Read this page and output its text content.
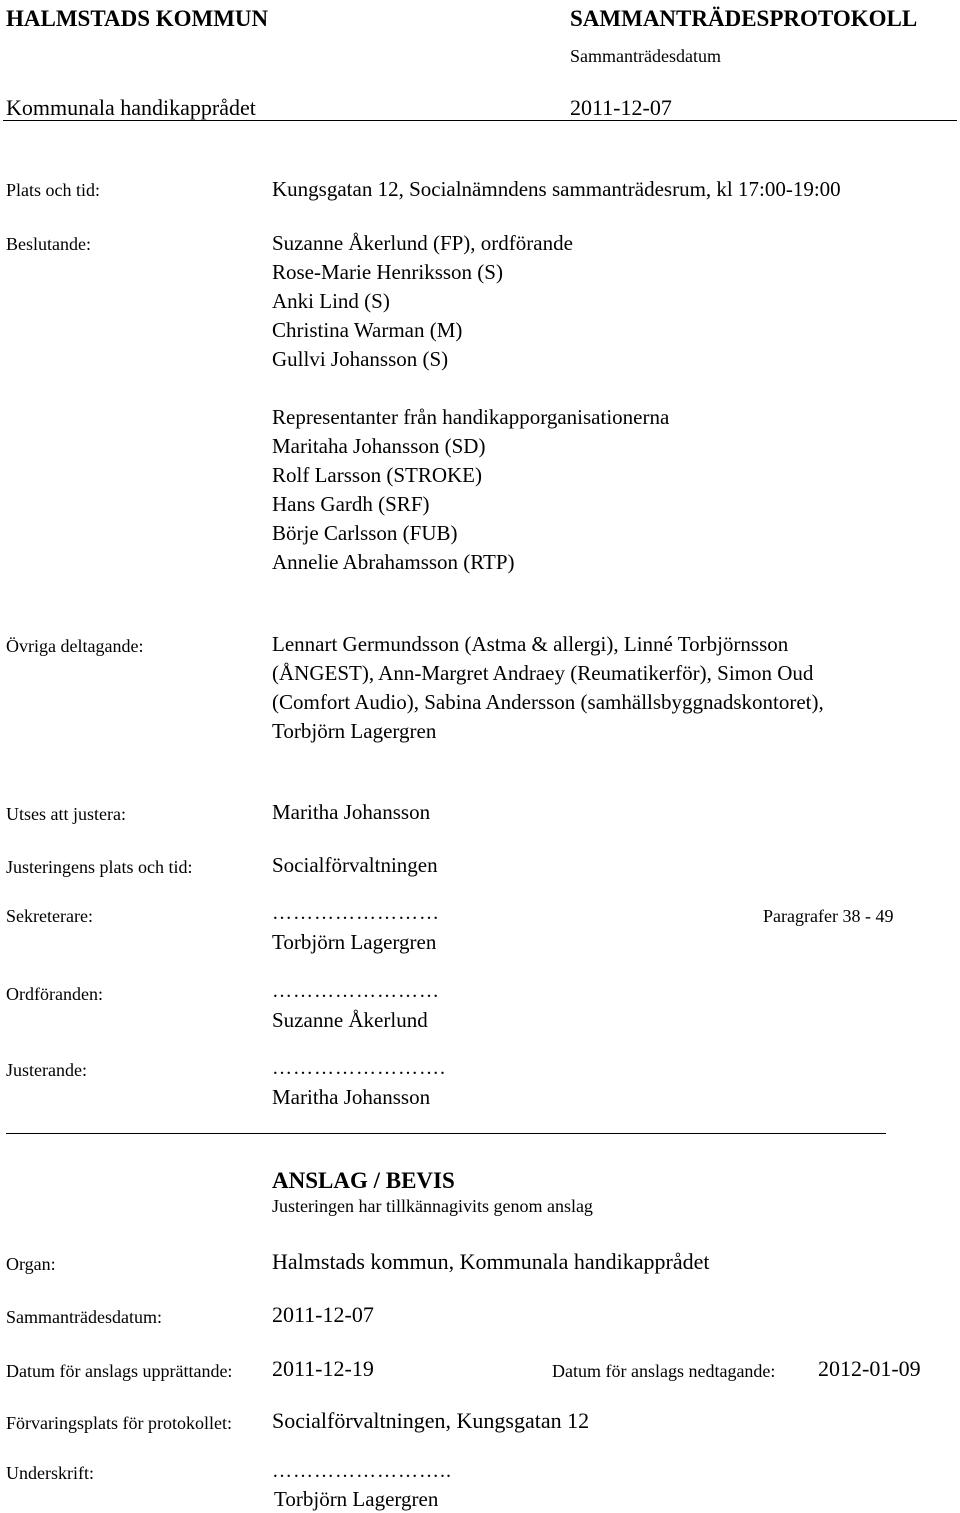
HALMSTADS KOMMUN	SAMMANTRÄDESPROTOKOLL
Sammanträdesdatum
Kommunala handikapprådet	2011-12-07
Plats och tid:	Kungsgatan 12, Socialnämndens sammanträdesrum, kl 17:00-19:00
Beslutande:	Suzanne Åkerlund (FP), ordförande
Rose-Marie Henriksson (S)
Anki Lind (S)
Christina Warman (M)
Gullvi Johansson (S)
Representanter från handikapporganisationerna
Maritaha Johansson (SD)
Rolf Larsson (STROKE)
Hans Gardh (SRF)
Börje Carlsson (FUB)
Annelie Abrahamsson (RTP)
Övriga deltagande:	Lennart Germundsson (Astma & allergi), Linné Torbjörnsson
(ÅNGEST), Ann-Margret Andraey (Reumatikerför), Simon Oud
(Comfort Audio), Sabina Andersson (samhällsbyggnadskontoret),
Torbjörn Lagergren
Utses att justera:	Maritha Johansson
Justeringens plats och tid:	Socialförvaltningen
Sekreterare:	……………………	Paragrafer 38 - 49
Torbjörn Lagergren
Ordföranden:	……………………
Suzanne Åkerlund
Justerande:	…………………….
Maritha Johansson
ANSLAG / BEVIS
Justeringen har tillkännagivits genom anslag
Organ:	Halmstads kommun, Kommunala handikapprådet
Sammanträdesdatum:	2011-12-07
Datum för anslags upprättande: 2011-12-19	Datum för anslags nedtagande: 2012-01-09
Förvaringsplats för protokollet: Socialförvaltningen, Kungsgatan 12
Underskrift:	……………………..
Torbjörn Lagergren
